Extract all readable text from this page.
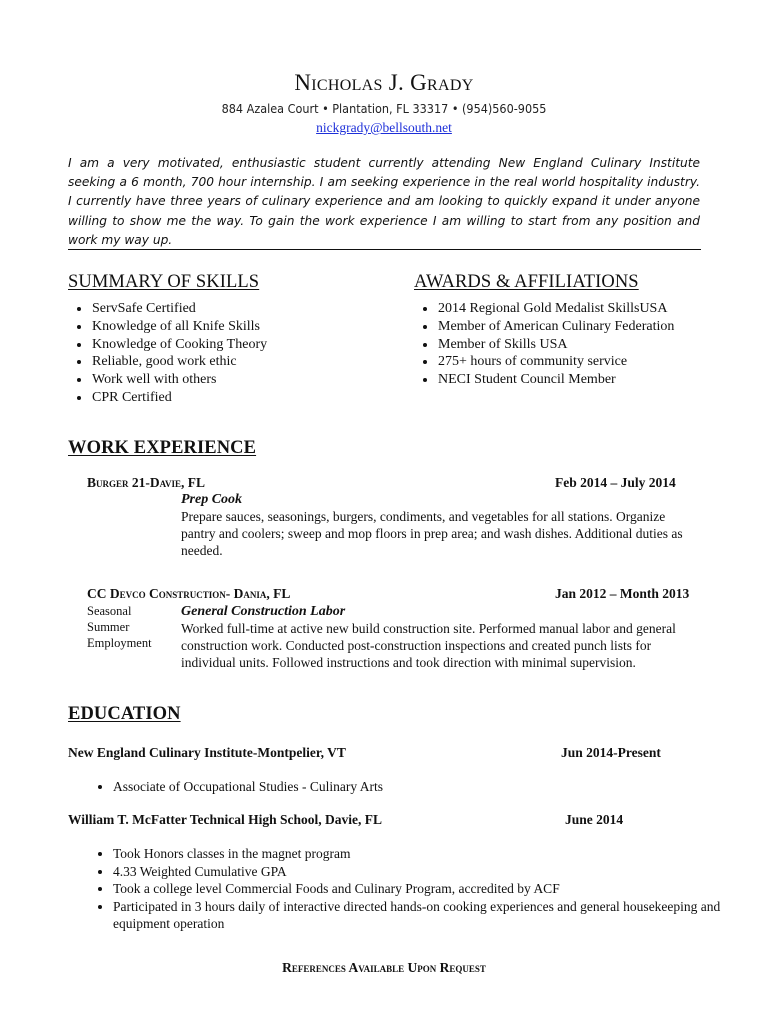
Nicholas J. Grady
884 Azalea Court • Plantation, FL 33317 • (954)560-9055
nickgrady@bellsouth.net
I am a very motivated, enthusiastic student currently attending New England Culinary Institute seeking a 6 month, 700 hour internship. I am seeking experience in the real world hospitality industry. I currently have three years of culinary experience and am looking to quickly expand it under anyone willing to show me the way. To gain the work experience I am willing to start from any position and work my way up.
SUMMARY OF SKILLS
• ServSafe Certified
• Knowledge of all Knife Skills
• Knowledge of Cooking Theory
• Reliable, good work ethic
• Work well with others
• CPR Certified
AWARDS & AFFILIATIONS
• 2014 Regional Gold Medalist SkillsUSA
• Member of American Culinary Federation
• Member of Skills USA
• 275+ hours of community service
• NECI Student Council Member
WORK EXPERIENCE
Burger 21-Davie, FL	Feb 2014 – July 2014
Prep Cook
Prepare sauces, seasonings, burgers, condiments, and vegetables for all stations. Organize pantry and coolers; sweep and mop floors in prep area; and wash dishes. Additional duties as needed.
CC Devco Construction- Dania, FL	Jan 2012 – Month 2013
Seasonal
Summer
Employment
General Construction Labor
Worked full-time at active new build construction site. Performed manual labor and general construction work. Conducted post-construction inspections and created punch lists for individual units. Followed instructions and took direction with minimal supervision.
EDUCATION
New England Culinary Institute-Montpelier, VT	Jun 2014-Present
• Associate of Occupational Studies - Culinary Arts
William T. McFatter Technical High School, Davie, FL	June 2014
• Took Honors classes in the magnet program
• 4.33 Weighted Cumulative GPA
• Took a college level Commercial Foods and Culinary Program, accredited by ACF
• Participated in 3 hours daily of interactive directed hands-on cooking experiences and general housekeeping and equipment operation
References Available Upon Request
